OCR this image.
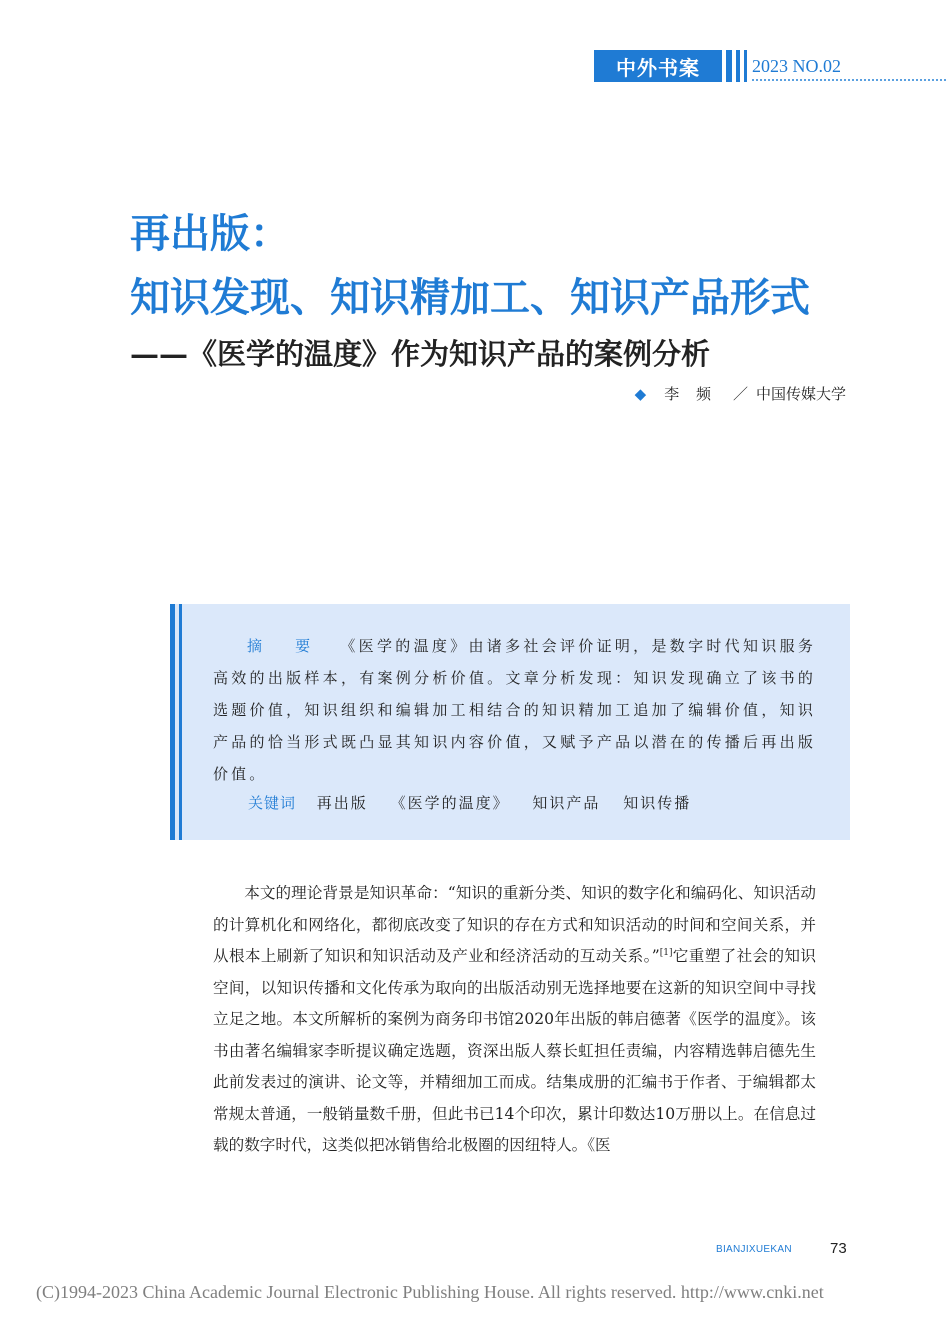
中外书案	2023 NO.02
再出版：
知识发现、知识精加工、知识产品形式
——《医学的温度》作为知识产品的案例分析
◆ 李 频 ／ 中国传媒大学
摘 要 《医学的温度》由诸多社会评价证明，是数字时代知识服务高效的出版样本，有案例分析价值。文章分析发现：知识发现确立了该书的选题价值，知识组织和编辑加工相结合的知识精加工追加了编辑价值，知识产品的恰当形式既凸显其知识内容价值，又赋予产品以潜在的传播后再出版价值。
关键词 再出版 《医学的温度》 知识产品 知识传播
本文的理论背景是知识革命：“知识的重新分类、知识的数字化和编码化、知识活动的计算机化和网络化，都彻底改变了知识的存在方式和知识活动的时间和空间关系，并从根本上刷新了知识和知识活动及产业和经济活动的互动关系。”[1]它重塑了社会的知识空间，以知识传播和文化传承为取向的出版活动别无选择地要在这新的知识空间中寻找立足之地。本文所解析的案例为商务印书馆2020年出版的韩启德著《医学的温度》。该书由著名编辑家李昕提议确定选题，资深出版人蔡长虹担任责编，内容精选韩启德先生此前发表过的演讲、论文等，并精细加工而成。结集成册的汇编书于作者、于编辑都太常规太普通，一般销量数千册，但此书已14个印次，累计印数达10万册以上。在信息过载的数字时代，这类似把冰销售给北极圈的因纽特人。《医
BIANJIXUEKAN	73
(C)1994-2023 China Academic Journal Electronic Publishing House. All rights reserved. http://www.cnki.net
